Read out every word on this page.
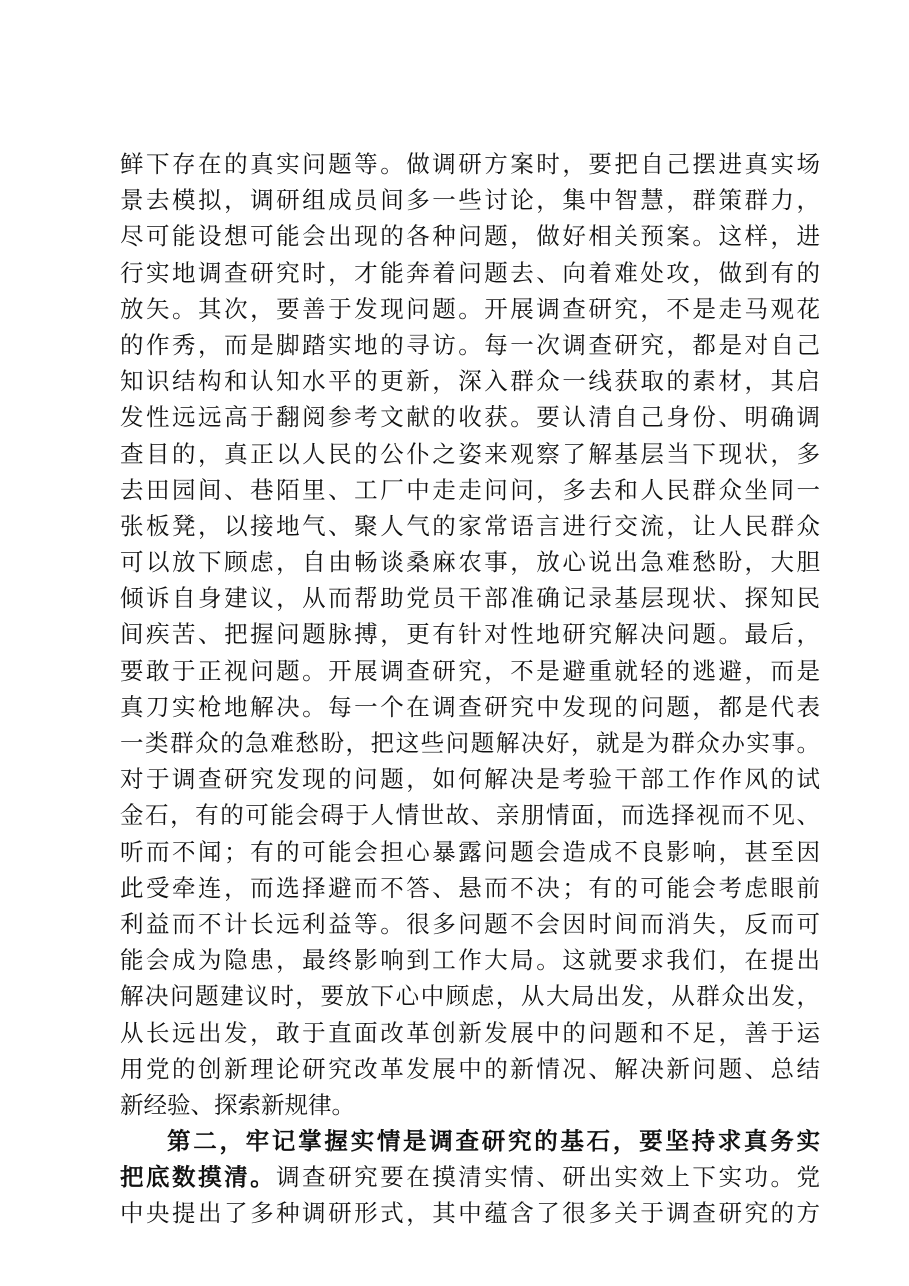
鲜下存在的真实问题等。做调研方案时，要把自己摆进真实场
景去模拟，调研组成员间多一些讨论，集中智慧，群策群力，
尽可能设想可能会出现的各种问题，做好相关预案。这样，进
行实地调查研究时，才能奔着问题去、向着难处攻，做到有的
放矢。其次，要善于发现问题。开展调查研究，不是走马观花
的作秀，而是脚踏实地的寻访。每一次调查研究，都是对自己
知识结构和认知水平的更新，深入群众一线获取的素材，其启
发性远远高于翻阅参考文献的收获。要认清自己身份、明确调
查目的，真正以人民的公仆之姿来观察了解基层当下现状，多
去田园间、巷陌里、工厂中走走问问，多去和人民群众坐同一
张板凳，以接地气、聚人气的家常语言进行交流，让人民群众
可以放下顾虑，自由畅谈桑麻农事，放心说出急难愁盼，大胆
倾诉自身建议，从而帮助党员干部准确记录基层现状、探知民
间疾苦、把握问题脉搏，更有针对性地研究解决问题。最后，
要敢于正视问题。开展调查研究，不是避重就轻的逃避，而是
真刀实枪地解决。每一个在调查研究中发现的问题，都是代表
一类群众的急难愁盼，把这些问题解决好，就是为群众办实事。
对于调查研究发现的问题，如何解决是考验干部工作作风的试
金石，有的可能会碍于人情世故、亲朋情面，而选择视而不见、
听而不闻；有的可能会担心暴露问题会造成不良影响，甚至因
此受牵连，而选择避而不答、悬而不决；有的可能会考虑眼前
利益而不计长远利益等。很多问题不会因时间而消失，反而可
能会成为隐患，最终影响到工作大局。这就要求我们，在提出
解决问题建议时，要放下心中顾虑，从大局出发，从群众出发，
从长远出发，敢于直面改革创新发展中的问题和不足，善于运
用党的创新理论研究改革发展中的新情况、解决新问题、总结
新经验、探索新规律。
第二，牢记掌握实情是调查研究的基石，要坚持求真务实
把底数摸清。调查研究要在摸清实情、研出实效上下实功。党
中央提出了多种调研形式，其中蕴含了很多关于调查研究的方
